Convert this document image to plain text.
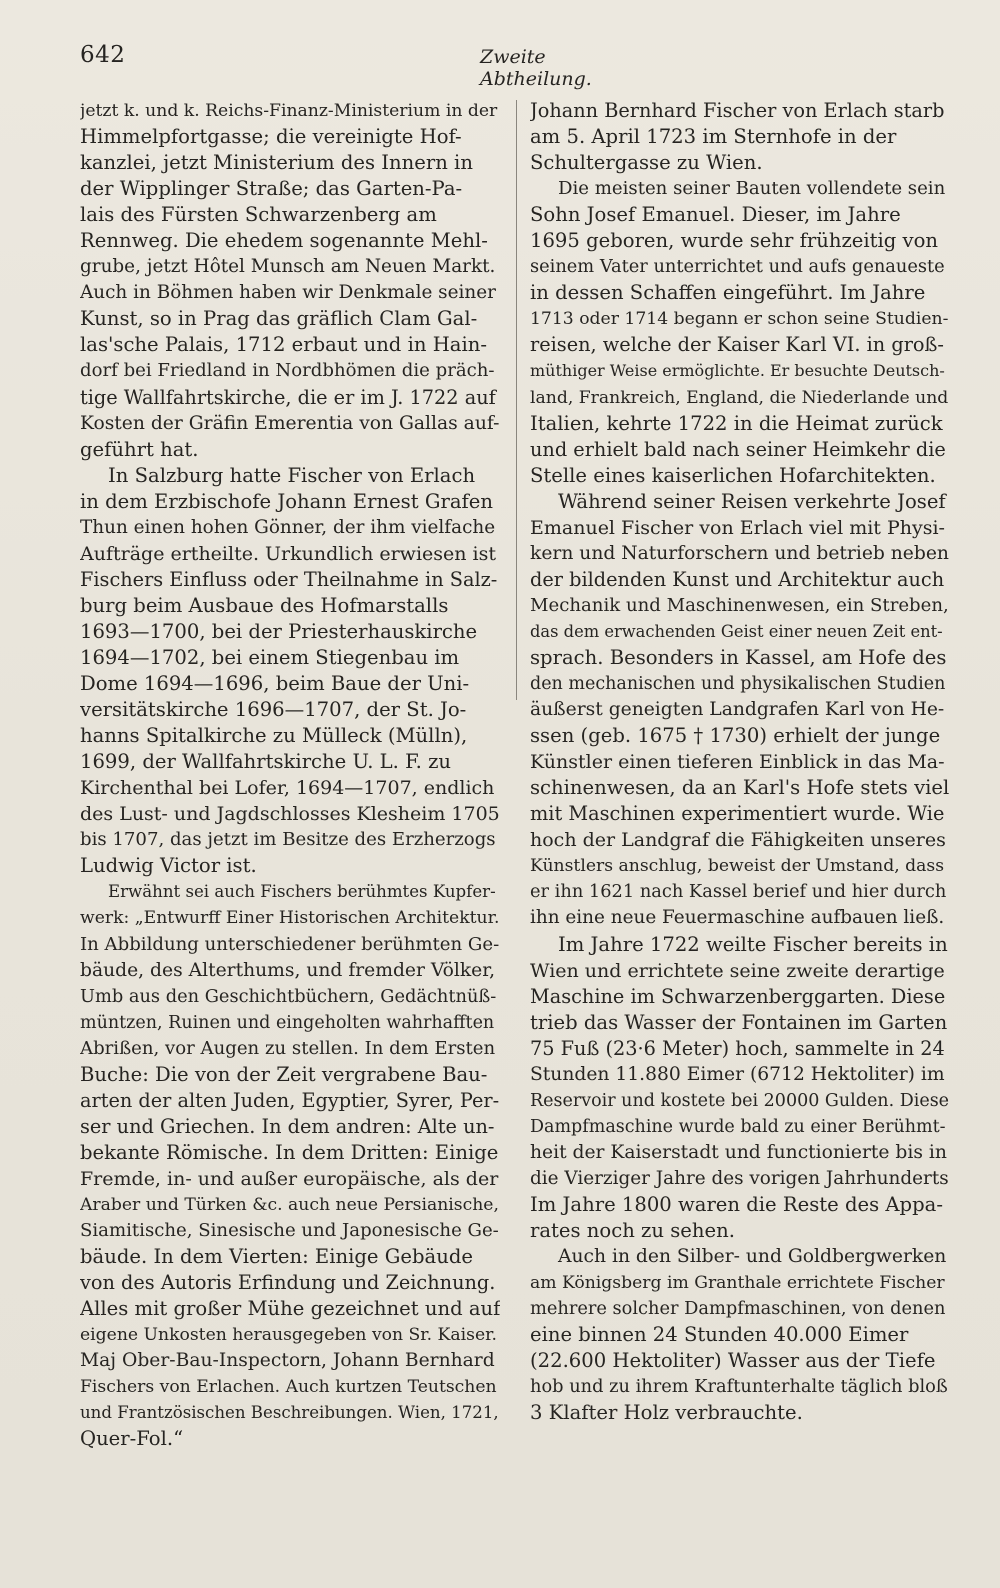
642	Zweite Abtheilung.
jetzt k. und k. Reichs-Finanz-Ministerium in der
Himmelpfortgasse; die vereinigte Hof-
kanzlei, jetzt Ministerium des Innern in
der Wipplinger Straße; das Garten-Pa-
lais des Fürsten Schwarzenberg am
Rennweg. Die ehedem sogenannte Mehl-
grube, jetzt Hôtel Munsch am Neuen Markt.
Auch in Böhmen haben wir Denkmale seiner
Kunst, so in Prag das gräflich Clam Gal-
las'sche Palais, 1712 erbaut und in Hain-
dorf bei Friedland in Nordbhömen die präch-
tige Wallfahrtskirche, die er im J. 1722 auf
Kosten der Gräfin Emerentia von Gallas auf-
geführt hat.
In Salzburg hatte Fischer von Erlach
in dem Erzbischofe Johann Ernest Grafen
Thun einen hohen Gönner, der ihm vielfache
Aufträge ertheilte. Urkundlich erwiesen ist
Fischers Einfluss oder Theilnahme in Salz-
burg beim Ausbaue des Hofmarstalls
1693—1700, bei der Priesterhauskirche
1694—1702, bei einem Stiegenbau im
Dome 1694—1696, beim Baue der Uni-
versitätskirche 1696—1707, der St. Jo-
hanns Spitalkirche zu Mülleck (Mülln),
1699, der Wallfahrtskirche U. L. F. zu
Kirchenthal bei Lofer, 1694—1707, endlich
des Lust- und Jagdschlosses Klesheim 1705
bis 1707, das jetzt im Besitze des Erzherzogs
Ludwig Victor ist.
Erwähnt sei auch Fischers berühmtes Kupfer-
werk: „Entwurff Einer Historischen Architektur.
In Abbildung unterschiedener berühmten Ge-
bäude, des Alterthums, und fremder Völker,
Umb aus den Geschichtbüchern, Gedächtnüß-
müntzen, Ruinen und eingeholten wahrhafften
Abrißen, vor Augen zu stellen. In dem Ersten
Buche: Die von der Zeit vergrabene Bau-
arten der alten Juden, Egyptier, Syrer, Per-
ser und Griechen. In dem andren: Alte un-
bekante Römische. In dem Dritten: Einige
Fremde, in- und außer europäische, als der
Araber und Türken &c. auch neue Persianische,
Siamitische, Sinesische und Japonesische Ge-
bäude. In dem Vierten: Einige Gebäude
von des Autoris Erfindung und Zeichnung.
Alles mit großer Mühe gezeichnet und auf
eigene Unkosten herausgegeben von Sr. Kaiser.
Maj Ober-Bau-Inspectorn, Johann Bernhard
Fischers von Erlachen. Auch kurtzen Teutschen
und Frantzösischen Beschreibungen. Wien, 1721,
Quer-Fol.“
Johann Bernhard Fischer von Erlach starb
am 5. April 1723 im Sternhofe in der
Schultergasse zu Wien.
Die meisten seiner Bauten vollendete sein
Sohn Josef Emanuel. Dieser, im Jahre
1695 geboren, wurde sehr frühzeitig von
seinem Vater unterrichtet und aufs genaueste
in dessen Schaffen eingeführt. Im Jahre
1713 oder 1714 begann er schon seine Studien-
reisen, welche der Kaiser Karl VI. in groß-
müthiger Weise ermöglichte. Er besuchte Deutsch-
land, Frankreich, England, die Niederlande und
Italien, kehrte 1722 in die Heimat zurück
und erhielt bald nach seiner Heimkehr die
Stelle eines kaiserlichen Hofarchitekten.
Während seiner Reisen verkehrte Josef
Emanuel Fischer von Erlach viel mit Physi-
kern und Naturforschern und betrieb neben
der bildenden Kunst und Architektur auch
Mechanik und Maschinenwesen, ein Streben,
das dem erwachenden Geist einer neuen Zeit ent-
sprach. Besonders in Kassel, am Hofe des
den mechanischen und physikalischen Studien
äußerst geneigten Landgrafen Karl von He-
ssen (geb. 1675 † 1730) erhielt der junge
Künstler einen tieferen Einblick in das Ma-
schinenwesen, da an Karl's Hofe stets viel
mit Maschinen experimentiert wurde. Wie
hoch der Landgraf die Fähigkeiten unseres
Künstlers anschlug, beweist der Umstand, dass
er ihn 1621 nach Kassel berief und hier durch
ihn eine neue Feuermaschine aufbauen ließ.
Im Jahre 1722 weilte Fischer bereits in
Wien und errichtete seine zweite derartige
Maschine im Schwarzenberggarten. Diese
trieb das Wasser der Fontainen im Garten
75 Fuß (23·6 Meter) hoch, sammelte in 24
Stunden 11.880 Eimer (6712 Hektoliter) im
Reservoir und kostete bei 20000 Gulden. Diese
Dampfmaschine wurde bald zu einer Berühmt-
heit der Kaiserstadt und functionierte bis in
die Vierziger Jahre des vorigen Jahrhunderts
Im Jahre 1800 waren die Reste des Appa-
rates noch zu sehen.
Auch in den Silber- und Goldbergwerken
am Königsberg im Granthale errichtete Fischer
mehrere solcher Dampfmaschinen, von denen
eine binnen 24 Stunden 40.000 Eimer
(22.600 Hektoliter) Wasser aus der Tiefe
hob und zu ihrem Kraftunterhalte täglich bloß
3 Klafter Holz verbrauchte.
